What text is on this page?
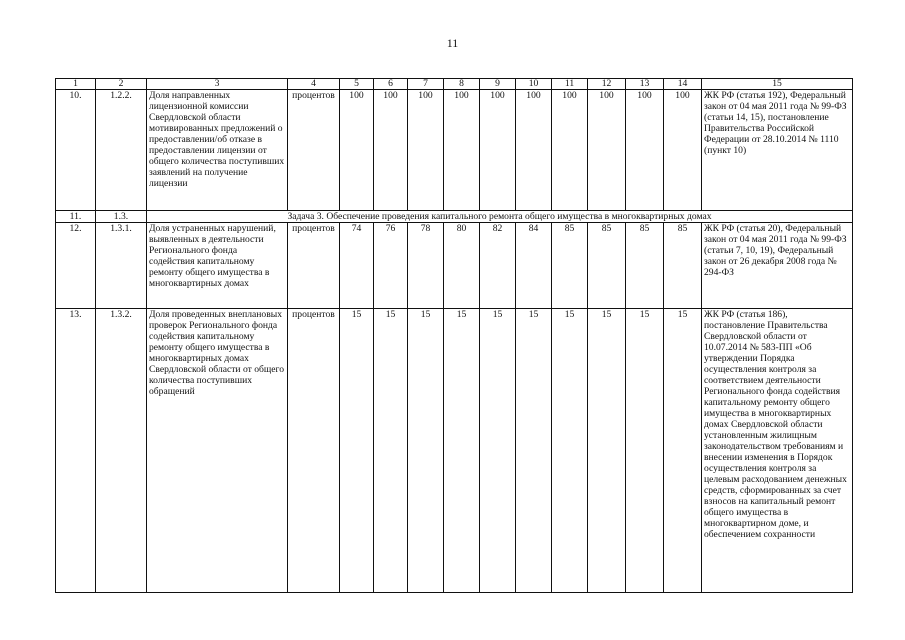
11
1	2	3	4	5	6	7	8	9	10	11	12	13	14	15
10.	1.2.2.	Доля направленных лицензионной комиссии Свердловской области мотивированных предложений о предоставлении/об отказе в предоставлении лицензии от общего количества поступивших заявлений на получение лицензии	процентов	100	100	100	100	100	100	100	100	100	100	ЖК РФ (статья 192), Федеральный закон от 04 мая 2011 года № 99-ФЗ (статьи 14, 15), постановление Правительства Российской Федерации от 28.10.2014 № 1110 (пункт 10)
11.	1.3.	Задача 3. Обеспечение проведения капитального ремонта общего имущества в многоквартирных домах												
12.	1.3.1.	Доля устраненных нарушений, выявленных в деятельности Регионального фонда содействия капитальному ремонту общего имущества в многоквартирных домах	процентов	74	76	78	80	82	84	85	85	85	85	ЖК РФ (статья 20), Федеральный закон от 04 мая 2011 года № 99-ФЗ (статьи 7, 10, 19), Федеральный закон от 26 декабря 2008 года № 294-ФЗ
13.	1.3.2.	Доля проведенных внеплановых проверок Регионального фонда содействия капитальному ремонту общего имущества в многоквартирных домах Свердловской области от общего количества поступивших обращений	процентов	15	15	15	15	15	15	15	15	15	15	ЖК РФ (статья 186), постановление Правительства Свердловской области от 10.07.2014 № 583-ПП «Об утверждении Порядка осуществления контроля за соответствием деятельности Регионального фонда содействия капитальному ремонту общего имущества в многоквартирных домах Свердловской области установленным жилищным законодательством требованиям и внесении изменения в Порядок осуществления контроля за целевым расходованием денежных средств, сформированных за счет взносов на капитальный ремонт общего имущества в многоквартирном доме, и обеспечением сохранности
